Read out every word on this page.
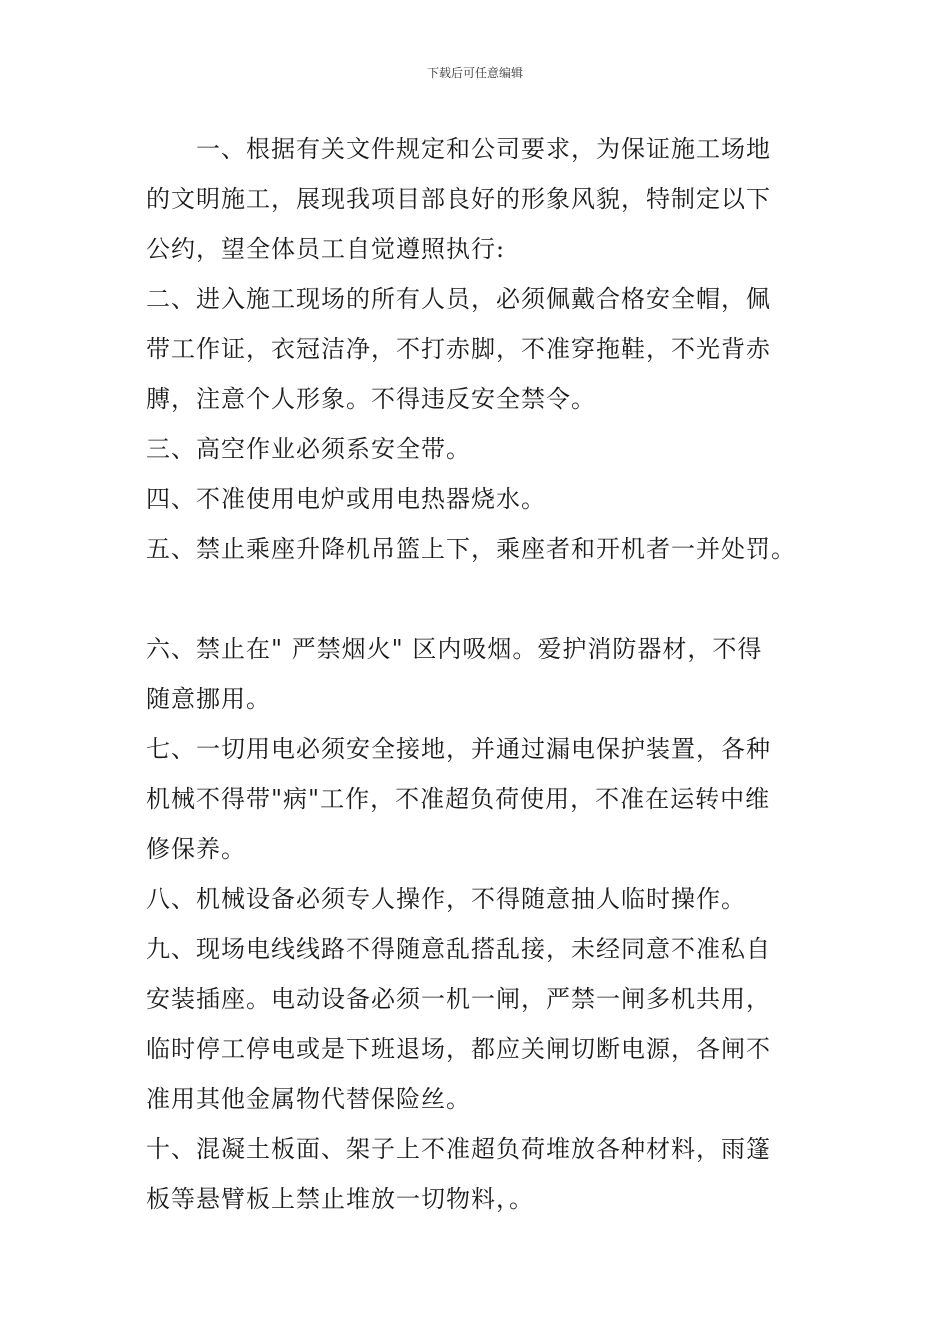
下载后可任意编辑
一、根据有关文件规定和公司要求，为保证施工场地
的文明施工，展现我项目部良好的形象风貌，特制定以下
公约，望全体员工自觉遵照执行:
二、进入施工现场的所有人员，必须佩戴合格安全帽，佩
带工作证，衣冠洁净，不打赤脚，不准穿拖鞋，不光背赤
膊，注意个人形象。不得违反安全禁令。
三、高空作业必须系安全带。
四、不准使用电炉或用电热器烧水。
五、禁止乘座升降机吊篮上下，乘座者和开机者一并处罚。
六、禁止在" 严禁烟火" 区内吸烟。爱护消防器材，不得
随意挪用。
七、一切用电必须安全接地，并通过漏电保护装置，各种
机械不得带"病"工作，不准超负荷使用，不准在运转中维
修保养。
八、机械设备必须专人操作，不得随意抽人临时操作。
九、现场电线线路不得随意乱搭乱接，未经同意不准私自
安装插座。电动设备必须一机一闸，严禁一闸多机共用，
临时停工停电或是下班退场，都应关闸切断电源，各闸不
准用其他金属物代替保险丝。
十、混凝土板面、架子上不准超负荷堆放各种材料，雨篷
板等悬臂板上禁止堆放一切物料，。
